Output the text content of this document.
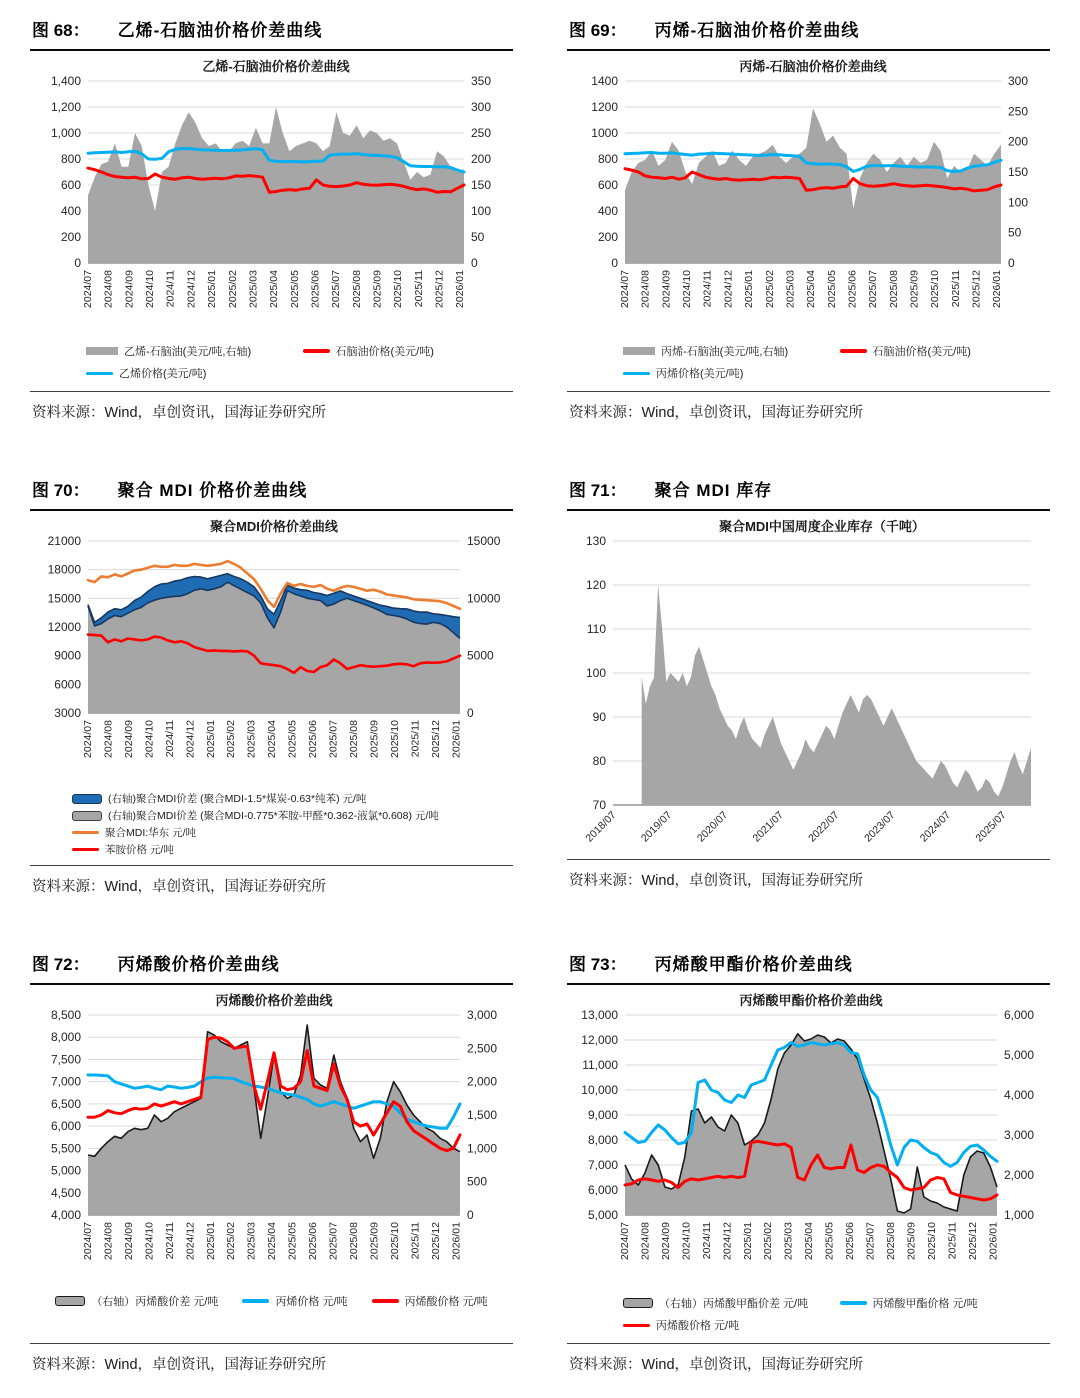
图 68： 乙烯-石脑油价格价差曲线
乙烯-石脑油价格价差曲线
0
200
400
600
800
1,000
1,200
1,400
0
50
100
150
200
250
300
350
2024/07 2024/08 2024/09 2024/10 2024/11 2024/12 2025/01 2025/02 2025/03 2025/04 2025/05 2025/06 2025/07 2025/08 2025/09 2025/10 2025/11 2025/12 2026/01
乙烯-石脑油(美元/吨,右轴)	石脑油价格(美元/吨)
乙烯价格(美元/吨)
资料来源：Wind，卓创资讯，国海证券研究所
图 69： 丙烯-石脑油价格价差曲线
丙烯-石脑油价格价差曲线
0
200
400
600
800
1000
1200
1400
0
50
100
150
200
250
300
2024/07 2024/08 2024/09 2024/10 2024/11 2024/12 2025/01 2025/02 2025/03 2025/04 2025/05 2025/06 2025/07 2025/08 2025/09 2025/10 2025/11 2025/12 2026/01
丙烯-石脑油(美元/吨,右轴)	石脑油价格(美元/吨)
丙烯价格(美元/吨)
资料来源：Wind，卓创资讯，国海证券研究所
图 70： 聚合 MDI 价格价差曲线
聚合MDI价格价差曲线
3000
6000
9000
12000
15000
18000
21000
0
5000
10000
15000
2024/07 2024/08 2024/09 2024/10 2024/11 2024/12 2025/01 2025/02 2025/03 2025/04 2025/05 2025/06 2025/07 2025/08 2025/09 2025/10 2025/11 2025/12 2026/01
(右轴)聚合MDI价差 (聚合MDI-1.5*煤炭-0.63*纯苯) 元/吨
(右轴)聚合MDI价差 (聚合MDI-0.775*苯胺-甲醛*0.362-液氯*0.608) 元/吨
聚合MDI:华东 元/吨
苯胺价格 元/吨
资料来源：Wind，卓创资讯，国海证券研究所
图 71： 聚合 MDI 库存
聚合MDI中国周度企业库存（千吨）
70
80
90
100
110
120
130
2018/07 2019/07 2020/07 2021/07 2022/07 2023/07 2024/07 2025/07
资料来源：Wind，卓创资讯，国海证券研究所
图 72： 丙烯酸价格价差曲线
丙烯酸价格价差曲线
4,000
4,500
5,000
5,500
6,000
6,500
7,000
7,500
8,000
8,500
0
500
1,000
1,500
2,000
2,500
3,000
2024/07 2024/08 2024/09 2024/10 2024/11 2024/12 2025/01 2025/02 2025/03 2025/04 2025/05 2025/06 2025/07 2025/08 2025/09 2025/10 2025/11 2025/12 2026/01
（右轴）丙烯酸价差 元/吨	丙烯价格 元/吨	丙烯酸价格 元/吨
资料来源：Wind，卓创资讯，国海证券研究所
图 73： 丙烯酸甲酯价格价差曲线
丙烯酸甲酯价格价差曲线
5,000
6,000
7,000
8,000
9,000
10,000
11,000
12,000
13,000
1,000
2,000
3,000
4,000
5,000
6,000
2024/07 2024/08 2024/09 2024/10 2024/11 2024/12 2025/01 2025/02 2025/03 2025/04 2025/05 2025/06 2025/07 2025/08 2025/09 2025/10 2025/11 2025/12 2026/01
（右轴）丙烯酸甲酯价差 元/吨	丙烯酸甲酯价格 元/吨
丙烯酸价格 元/吨
资料来源：Wind，卓创资讯，国海证券研究所
